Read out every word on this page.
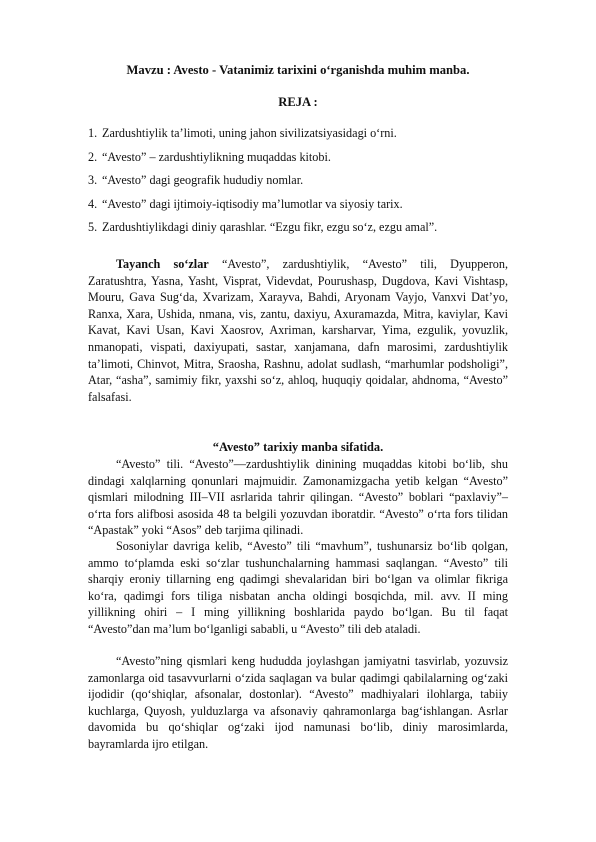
Mavzu : Avesto - Vatanimiz tarixini o‘rganishda muhim manba.

REJA :

1. Zardushtiylik ta’limoti, uning jahon sivilizatsiyasidagi o‘rni.
2. “Avesto” – zardushtiylikning muqaddas kitobi.
3. “Avesto” dagi geografik hududiy nomlar.
4. “Avesto” dagi ijtimoiy-iqtisodiy ma’lumotlar va siyosiy tarix.
5. Zardushtiylikdagi diniy qarashlar. “Ezgu fikr, ezgu so‘z, ezgu amal”.

Tayanch so‘zlar “Avesto”, zardushtiylik, “Avesto” tili, Dyupperon, Zaratushtra, Yasna, Yasht, Visprat, Videvdat, Pourushasp, Dugdova, Kavi Vishtasp, Mouru, Gava Sug‘da, Xvarizam, Xarayva, Bahdi, Aryonam Vayjo, Vanxvi Dat’yo, Ranxa, Xara, Ushida, nmana, vis, zantu, daxiyu, Axuramazda, Mitra, kaviylar, Kavi Kavat, Kavi Usan, Kavi Xaosrov, Axriman, karsharvar, Yima, ezgulik, yovuzlik, nmanopati, vispati, daxiyupati, sastar, xanjamana, dafn marosimi, zardushtiylik ta’limoti, Chinvot, Mitra, Sraosha, Rashnu, adolat sudlash, “marhumlar podsholigi”, Atar, “asha”, samimiy fikr, yaxshi so‘z, ahloq, huquqiy qoidalar, ahdnoma, “Avesto” falsafasi.

“Avesto” tarixiy manba sifatida.

“Avesto” tili. “Avesto”—zardushtiylik dinining muqaddas kitobi bo‘lib, shu dindagi xalqlarning qonunlari majmuidir. Zamonamizgacha yetib kelgan “Avesto” qismlari milodning III–VII asrlarida tahrir qilingan. “Avesto” boblari “paxlaviy”– o‘rta fors alifbosi asosida 48 ta belgili yozuvdan iboratdir. “Avesto” o‘rta fors tilidan “Apastak” yoki “Asos” deb tarjima qilinadi.

Sosoniylar davriga kelib, “Avesto” tili “mavhum”, tushunarsiz bo‘lib qolgan, ammo to‘plamda eski so‘zlar tushunchalarning hammasi saqlangan. “Avesto” tili sharqiy eroniy tillarning eng qadimgi shevalaridan biri bo‘lgan va olimlar fikriga ko‘ra, qadimgi fors tiliga nisbatan ancha oldingi bosqichda, mil. avv. II ming yillikning ohiri – I ming yillikning boshlarida paydo bo‘lgan. Bu til faqat “Avesto”dan ma’lum bo‘lganligi sababli, u “Avesto” tili deb ataladi.

“Avesto”ning qismlari keng hududda joylashgan jamiyatni tasvirlab, yozuvsiz zamonlarga oid tasavvurlarni o‘zida saqlagan va bular qadimgi qabilalarning og‘zaki ijodidir (qo‘shiqlar, afsonalar, dostonlar). “Avesto” madhiyalari ilohlarga, tabiiy kuchlarga, Quyosh, yulduzlarga va afsonaviy qahramonlarga bag‘ishlangan. Asrlar davomida bu qo‘shiqlar og‘zaki ijod namunasi bo‘lib, diniy marosimlarda, bayramlarda ijro etilgan.
